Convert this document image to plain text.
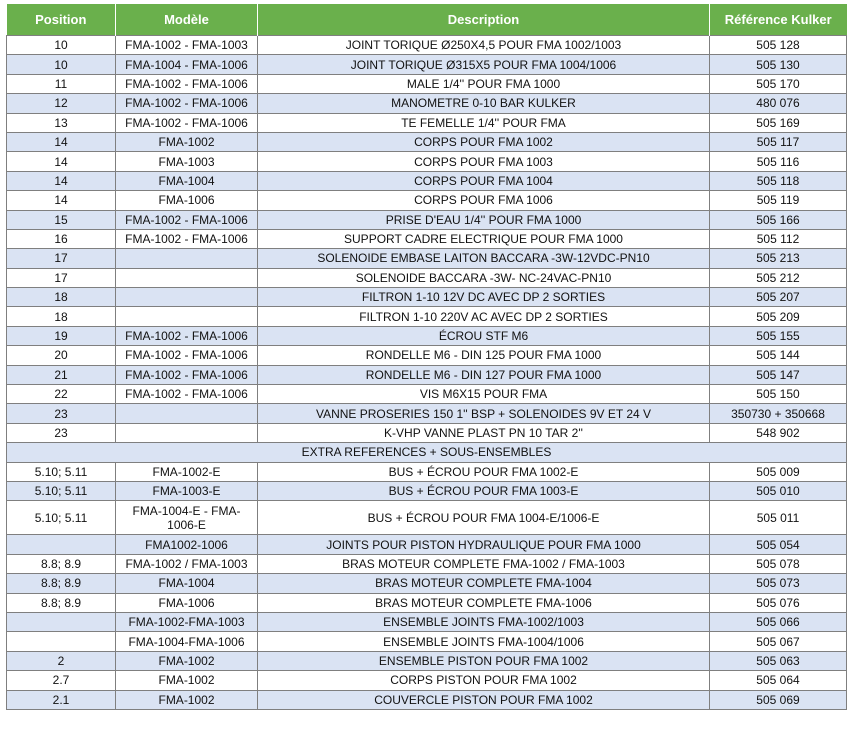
Position	Modèle	Description	Référence Kulker
10	FMA-1002 - FMA-1003	JOINT TORIQUE Ø250X4,5 POUR FMA 1002/1003	505 128
10	FMA-1004 - FMA-1006	JOINT TORIQUE Ø315X5 POUR FMA 1004/1006	505 130
11	FMA-1002 - FMA-1006	MALE 1/4'' POUR FMA 1000	505 170
12	FMA-1002 - FMA-1006	MANOMETRE 0-10 BAR KULKER	480 076
13	FMA-1002 - FMA-1006	TE FEMELLE 1/4'' POUR FMA	505 169
14	FMA-1002	CORPS POUR FMA 1002	505 117
14	FMA-1003	CORPS POUR FMA 1003	505 116
14	FMA-1004	CORPS POUR FMA 1004	505 118
14	FMA-1006	CORPS POUR FMA 1006	505 119
15	FMA-1002 - FMA-1006	PRISE D'EAU 1/4'' POUR FMA 1000	505 166
16	FMA-1002 - FMA-1006	SUPPORT CADRE ELECTRIQUE POUR FMA 1000	505 112
17		SOLENOIDE EMBASE LAITON BACCARA -3W-12VDC-PN10	505 213
17		SOLENOIDE BACCARA -3W- NC-24VAC-PN10	505 212
18		FILTRON 1-10 12V DC AVEC DP 2 SORTIES	505 207
18		FILTRON 1-10 220V AC AVEC DP 2 SORTIES	505 209
19	FMA-1002 - FMA-1006	ÉCROU STF M6	505 155
20	FMA-1002 - FMA-1006	RONDELLE M6 - DIN 125 POUR FMA 1000	505 144
21	FMA-1002 - FMA-1006	RONDELLE M6 - DIN 127 POUR FMA 1000	505 147
22	FMA-1002 - FMA-1006	VIS M6X15 POUR FMA	505 150
23		VANNE PROSERIES 150 1'' BSP + SOLENOIDES 9V ET 24 V	350730 + 350668
23		K-VHP VANNE PLAST PN 10 TAR 2''	548 902
EXTRA REFERENCES + SOUS-ENSEMBLES			
5.10; 5.11	FMA-1002-E	BUS + ÉCROU POUR FMA 1002-E	505 009
5.10; 5.11	FMA-1003-E	BUS + ÉCROU POUR FMA 1003-E	505 010
5.10; 5.11	FMA-1004-E - FMA-1006-E	BUS + ÉCROU POUR FMA 1004-E/1006-E	505 011
	FMA1002-1006	JOINTS POUR PISTON HYDRAULIQUE POUR FMA 1000	505 054
8.8; 8.9	FMA-1002 / FMA-1003	BRAS MOTEUR COMPLETE FMA-1002 / FMA-1003	505 078
8.8; 8.9	FMA-1004	BRAS MOTEUR COMPLETE FMA-1004	505 073
8.8; 8.9	FMA-1006	BRAS MOTEUR COMPLETE FMA-1006	505 076
	FMA-1002-FMA-1003	ENSEMBLE JOINTS FMA-1002/1003	505 066
	FMA-1004-FMA-1006	ENSEMBLE JOINTS FMA-1004/1006	505 067
2	FMA-1002	ENSEMBLE PISTON POUR FMA 1002	505 063
2.7	FMA-1002	CORPS PISTON POUR FMA 1002	505 064
2.1	FMA-1002	COUVERCLE PISTON POUR FMA 1002	505 069
